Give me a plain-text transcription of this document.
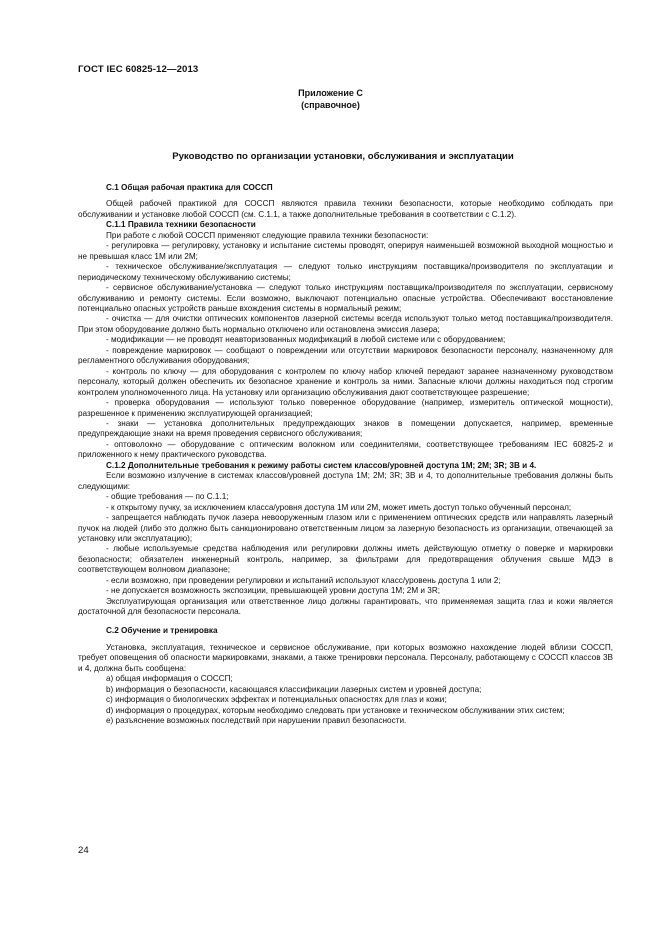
ГОСТ IEC 60825-12—2013
Приложение С
(справочное)
Руководство по организации установки, обслуживания и эксплуатации

С.1 Общая рабочая практика для СОССП

Общей рабочей практикой для СОССП являются правила техники безопасности, которые необходимо соблюдать при обслуживании и установке любой СОССП (см. С.1.1, а также дополнительные требования в соответствии с С.1.2).

С.1.1 Правила техники безопасности

При работе с любой СОССП применяют следующие правила техники безопасности:

- регулировка — регулировку, установку и испытание системы проводят, оперируя наименьшей возможной выходной мощностью и не превышая класс 1М или 2М;

- техническое обслуживание/эксплуатация — следуют только инструкциям поставщика/производителя по эксплуатации и периодическому техническому обслуживанию системы;

- сервисное обслуживание/установка — следуют только инструкциям поставщика/производителя по эксплуатации, сервисному обслуживанию и ремонту системы. Если возможно, выключают потенциально опасные устройства. Обеспечивают восстановление потенциально опасных устройств раньше вхождения системы в нормальный режим;

- очистка — для очистки оптических компонентов лазерной системы всегда используют только метод поставщика/производителя. При этом оборудование должно быть нормально отключено или остановлена эмиссия лазера;

- модификации — не проводят неавторизованных модификаций в любой системе или с оборудованием;

- повреждение маркировок — сообщают о повреждении или отсутствии маркировок безопасности персоналу, назначенному для регламентного обслуживания оборудования;

- контроль по ключу — для оборудования с контролем по ключу набор ключей передают заранее назначенному руководством персоналу, который должен обеспечить их безопасное хранение и контроль за ними. Запасные ключи должны находиться под строгим контролем уполномоченного лица. На установку или организацию обслуживания дают соответствующее разрешение;

- проверка оборудования — используют только поверенное оборудование (например, измеритель оптической мощности), разрешенное к применению эксплуатирующей организацией;

- знаки — установка дополнительных предупреждающих знаков в помещении допускается, например, временные предупреждающие знаки на время проведения сервисного обслуживания;

- оптоволокно — оборудование с оптическим волокном или соединителями, соответствующее требованиям IEC 60825-2 и приложенного к нему практического руководства.

С.1.2 Дополнительные требования к режиму работы систем классов/уровней доступа 1М; 2М; 3R; 3B и 4.

Если возможно излучение в системах классов/уровней доступа 1М; 2М; 3R; 3В и 4, то дополнительные требования должны быть следующими:

- общие требования — по С.1.1;

- к открытому пучку, за исключением класса/уровня доступа 1М или 2М, может иметь доступ только обученный персонал;

- запрещается наблюдать пучок лазера невооруженным глазом или с применением оптических средств или направлять лазерный пучок на людей (либо это должно быть санкционировано ответственным лицом за лазерную безопасность из организации, отвечающей за установку или эксплуатацию);

- любые используемые средства наблюдения или регулировки должны иметь действующую отметку о поверке и маркировки безопасности; обязателен инженерный контроль, например, за фильтрами для предотвращения облучения свыше МДЭ в соответствующем волновом диапазоне;

- если возможно, при проведении регулировки и испытаний используют класс/уровень доступа 1 или 2;

- не допускается возможность экспозиции, превышающей уровни доступа 1М; 2М и 3R;

Эксплуатирующая организация или ответственное лицо должны гарантировать, что применяемая защита глаз и кожи является достаточной для безопасности персонала.

С.2 Обучение и тренировка

Установка, эксплуатация, техническое и сервисное обслуживание, при которых возможно нахождение людей вблизи СОССП, требует оповещения об опасности маркировками, знаками, а также тренировки персонала. Персоналу, работающему с СОССП классов 3В и 4, должна быть сообщена:

a) общая информация о СОССП;

b) информация о безопасности, касающаяся классификации лазерных систем и уровней доступа;

c) информация о биологических эффектах и потенциальных опасностях для глаз и кожи;

d) информация о процедурах, которым необходимо следовать при установке и техническом обслуживании этих систем;

e) разъяснение возможных последствий при нарушении правил безопасности.

24
